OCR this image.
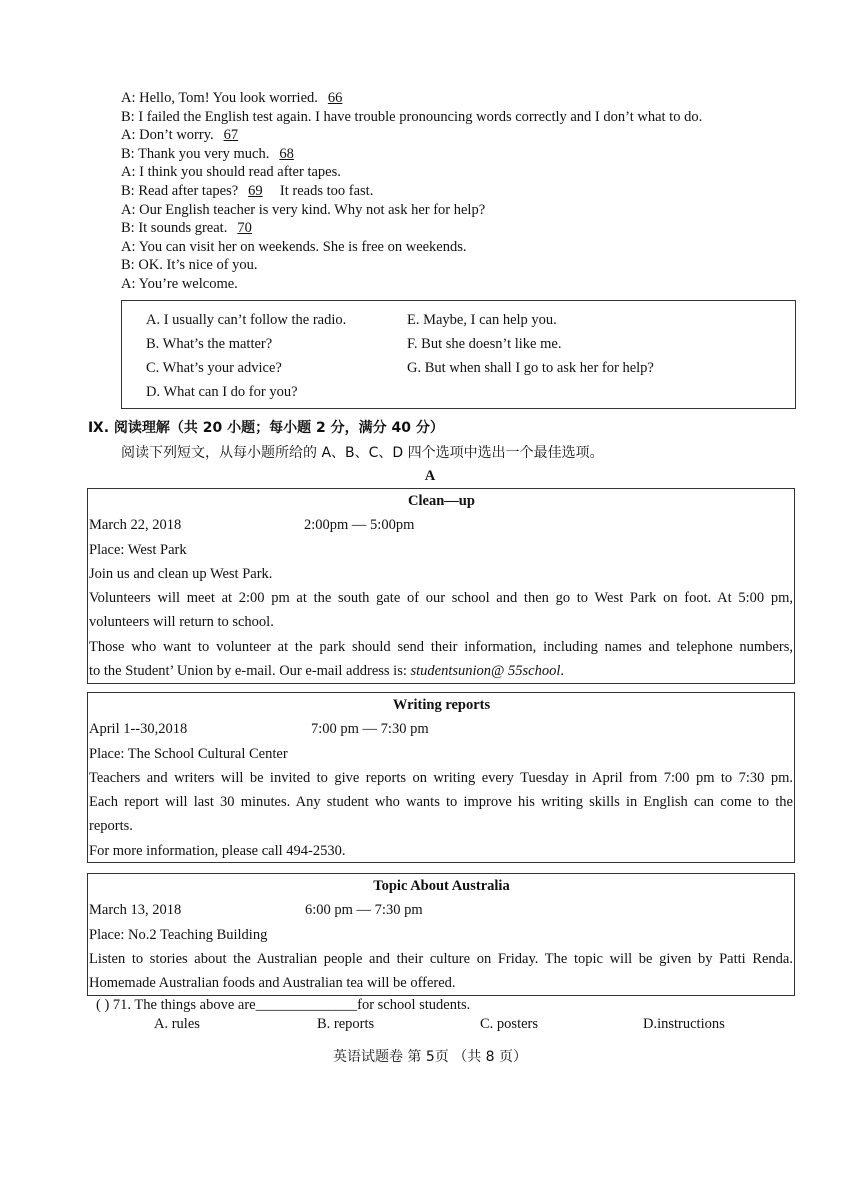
A: Hello, Tom! You look worried. 66
B: I failed the English test again. I have trouble pronouncing words correctly and I don’t what to do.
A: Don’t worry. 67
B: Thank you very much. 68
A: I think you should read after tapes.
B: Read after tapes? 69 It reads too fast.
A: Our English teacher is very kind. Why not ask her for help?
B: It sounds great. 70
A: You can visit her on weekends. She is free on weekends.
B: OK. It’s nice of you.
A: You’re welcome.
A. I usually can’t follow the radio.
B. What’s the matter?
C. What’s your advice?
D. What can I do for you?
E. Maybe, I can help you.
F. But she doesn’t like me.
G. But when shall I go to ask her for help?
Ⅸ. 阅读理解（共 20 小题；每小题 2 分，满分 40 分）
阅读下列短文，从每小题所给的 A、B、C、D 四个选项中选出一个最佳选项。
A
Clean—up
March 22, 2018	2:00pm — 5:00pm
Place: West Park
Join us and clean up West Park.
Volunteers will meet at 2:00 pm at the south gate of our school and then go to West Park on foot. At 5:00 pm,
volunteers will return to school.
Those who want to volunteer at the park should send their information, including names and telephone numbers,
to the Student’ Union by e-mail. Our e-mail address is: studentsunion@ 55school.
Writing reports
April 1--30,2018	7:00 pm — 7:30 pm
Place: The School Cultural Center
Teachers and writers will be invited to give reports on writing every Tuesday in April from 7:00 pm to 7:30 pm.
Each report will last 30 minutes. Any student who wants to improve his writing skills in English can come to the
reports.
For more information, please call 494-2530.
Topic About Australia
March 13, 2018	6:00 pm — 7:30 pm
Place: No.2 Teaching Building
Listen to stories about the Australian people and their culture on Friday. The topic will be given by Patti Renda.
Homemade Australian foods and Australian tea will be offered.
( ) 71. The things above are______________for school students.
A. rules	B. reports	C. posters	D.instructions
英语试题卷 第 5页 （共 8 页）
